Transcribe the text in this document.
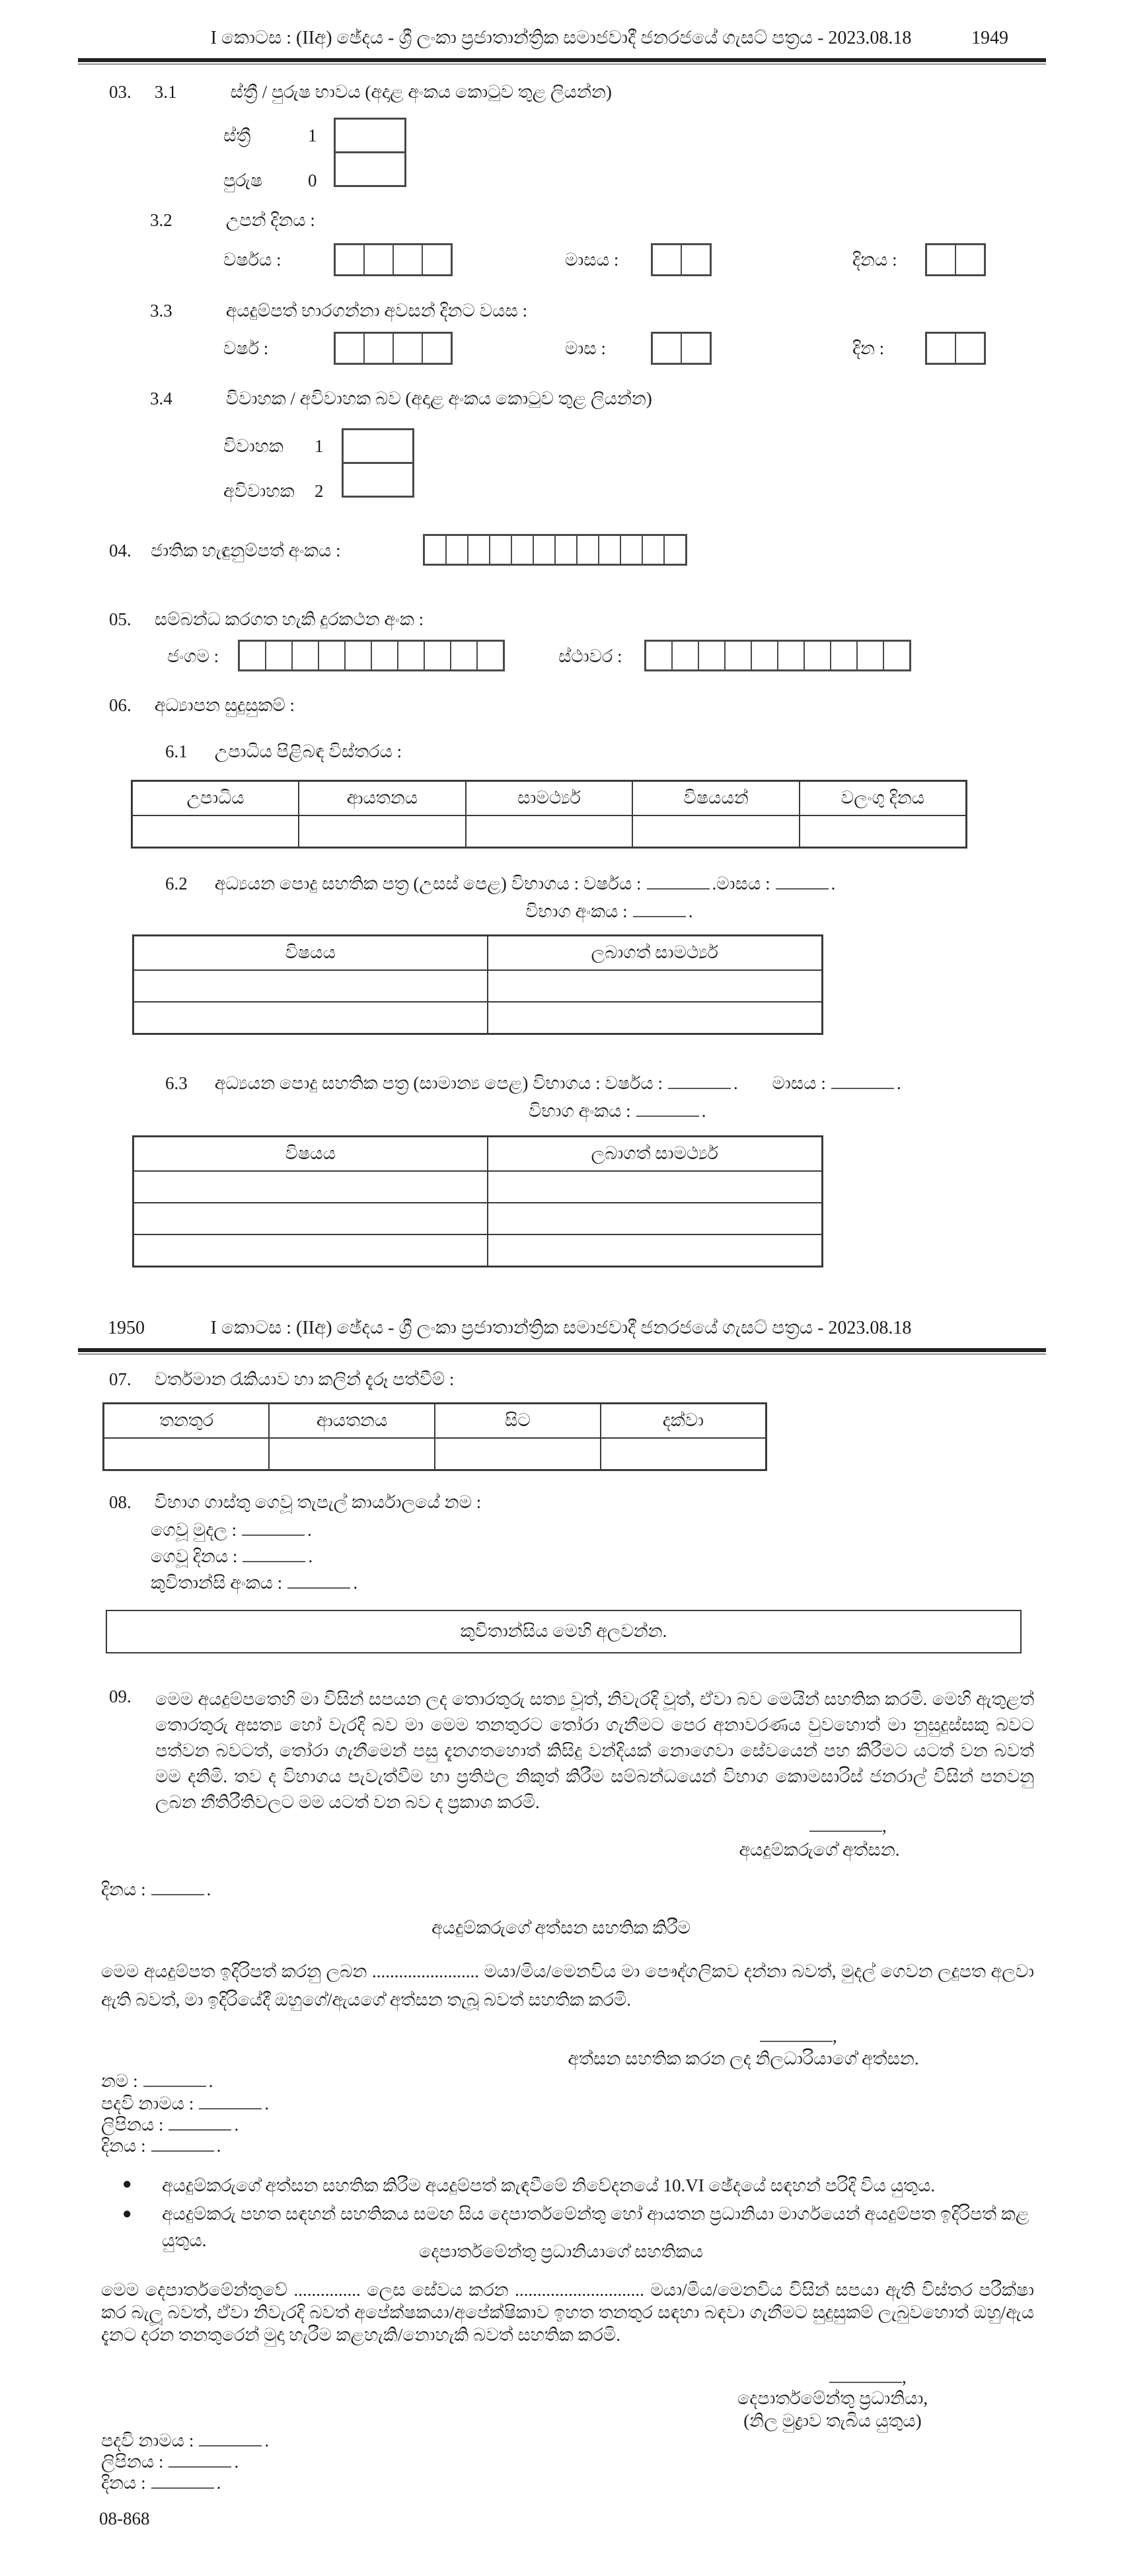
I කොටස : (IIඅ) ඡේදය - ශ්‍රී ලංකා ප්‍රජාතාන්ත්‍රික සමාජවාදී ජනරජයේ ගැසට් පත්‍රය - 2023.08.18	1949
03. 3.1	ස්ත්‍රී / පුරුෂ භාවය (අදාළ අංකය කොටුව තුළ ලියන්න)
ස්ත්‍රී	1
පුරුෂ	0
3.2	උපන් දිනය :
වර්ෂය :	මාසය :	දිනය :
3.3	අයදුම්පත් භාරගන්නා අවසන් දිනට වයස :
වර්ෂ :	මාස :	දින :
3.4	විවාහක / අවිවාහක බව (අදාළ අංකය කොටුව තුළ ලියන්න)
විවාහක 1
අවිවාහක 2
04. ජාතික හැඳුනුම්පත් අංකය :
05. සම්බන්ධ කරගත හැකි දුරකථන අංක :
ජංගම :	ස්ථාවර :
06. අධ්‍යාපන සුදුසුකම් :
6.1 උපාධිය පිළිබඳ විස්තරය :
උපාධිය	ආයතනය	සාමර්ථ්‍ය	විෂයයන්	වලංගු දිනය

6.2 අධ්‍යයන පොදු සහතික පත්‍ර (උසස් පෙළ) විභාගය : වර්ෂය :	.මාසය :	.
විභාග අංකය :	.
විෂයය	ලබාගත් සාමර්ථ්‍ය

6.3 අධ්‍යයන පොදු සහතික පත්‍ර (සාමාන්‍ය පෙළ) විභාගය : වර්ෂය :	. මාසය :	.
විභාග අංකය :	.
විෂයය	ලබාගත් සාමර්ථ්‍ය

1950	I කොටස : (IIඅ) ඡේදය - ශ්‍රී ලංකා ප්‍රජාතාන්ත්‍රික සමාජවාදී ජනරජයේ ගැසට් පත්‍රය - 2023.08.18
07. වර්තමාන රැකියාව හා කලින් දැරූ පත්වීම් :
තනතුර	ආයතනය	සිට	දක්වා

08. විභාග ගාස්තු ගෙවූ තැපැල් කාර්යාලයේ නම :
ගෙවූ මුදල :	.
ගෙවූ දිනය :	.
කුවිතාන්සි අංකය :	.
කුවිතාන්සිය මෙහි අලවන්න.
09. මෙම අයදුම්පතෙහි මා විසින් සපයන ලද තොරතුරු සත්‍ය වූත්, නිවැරදි වූත්, ඒවා බව මෙයින් සහතික කරමි. මෙහි ඇතුළත් තොරතුරු අසත්‍ය හෝ වැරදි බව මා මෙම තනතුරට තෝරා ගැනීමට පෙර අනාවරණය වුවහොත් මා නුසුදුස්සකු බවට පත්වන බවටත්, තෝරා ගැනීමෙන් පසු දැනගතහොත් කිසිදු වන්දියක් නොගෙවා සේවයෙන් පහ කිරීමට යටත් වන බවත් මම දනිමි. තව ද විභාගය පැවැත්වීම හා ප්‍රතිඵල නිකුත් කිරීම සම්බන්ධයෙන් විභාග කොමසාරිස් ජනරාල් විසින් පනවනු ලබන නීතිරීතිවලට මම යටත් වන බව ද ප්‍රකාශ කරමි.
,
අයදුම්කරුගේ අත්සන.
දිනය :	.
අයදුම්කරුගේ අත්සන සහතික කිරීම
මෙම අයදුම්පත ඉදිරිපත් කරනු ලබන ........................ මයා/මිය/මෙනවිය මා පෞද්ගලිකව දන්නා බවත්, මුදල් ගෙවන ලදුපත අලවා ඇති බවත්, මා ඉදිරියේදී ඔහුගේ/ඇයගේ අත්සන තැබූ බවත් සහතික කරමි.
,
අත්සන සහතික කරන ලද නිලධාරියාගේ අත්සන.
නම :	.
පදවි නාමය :	.
ලිපිනය :	.
දිනය :	.
●	අයදුම්කරුගේ අත්සන සහතික කිරීම අයදුම්පත් කැඳවීමේ නිවේදනයේ 10.VI ඡේදයේ සඳහන් පරිදි විය යුතුය.
●	අයදුම්කරු පහත සඳහන් සහතිකය සමඟ සිය දෙපාර්තමේන්තු හෝ ආයතන ප්‍රධානියා මාර්ගයෙන් අයදුම්පත ඉදිරිපත් කළ යුතුය.
දෙපාර්තමේන්තු ප්‍රධානියාගේ සහතිකය
මෙම දෙපාර්තමේන්තුවේ ............... ලෙස සේවය කරන ............................. මයා/මිය/මෙනවිය විසින් සපයා ඇති විස්තර පරීක්ෂා කර බැලූ බවත්, ඒවා නිවැරදි බවත් අපේක්ෂකයා/අපේක්ෂිකාව ඉහත තනතුර සඳහා බඳවා ගැනීමට සුදුසුකම් ලැබුවහොත් ඔහු/ඇය දැනට දරන තනතුරෙන් මුදා හැරීම කළහැකි/නොහැකි බවත් සහතික කරමි.
,
දෙපාර්තමේන්තු ප්‍රධානියා,
(නිල මුද්‍රාව තැබිය යුතුය)
පදවි නාමය :	.
ලිපිනය :	.
දිනය :	.
08-868
